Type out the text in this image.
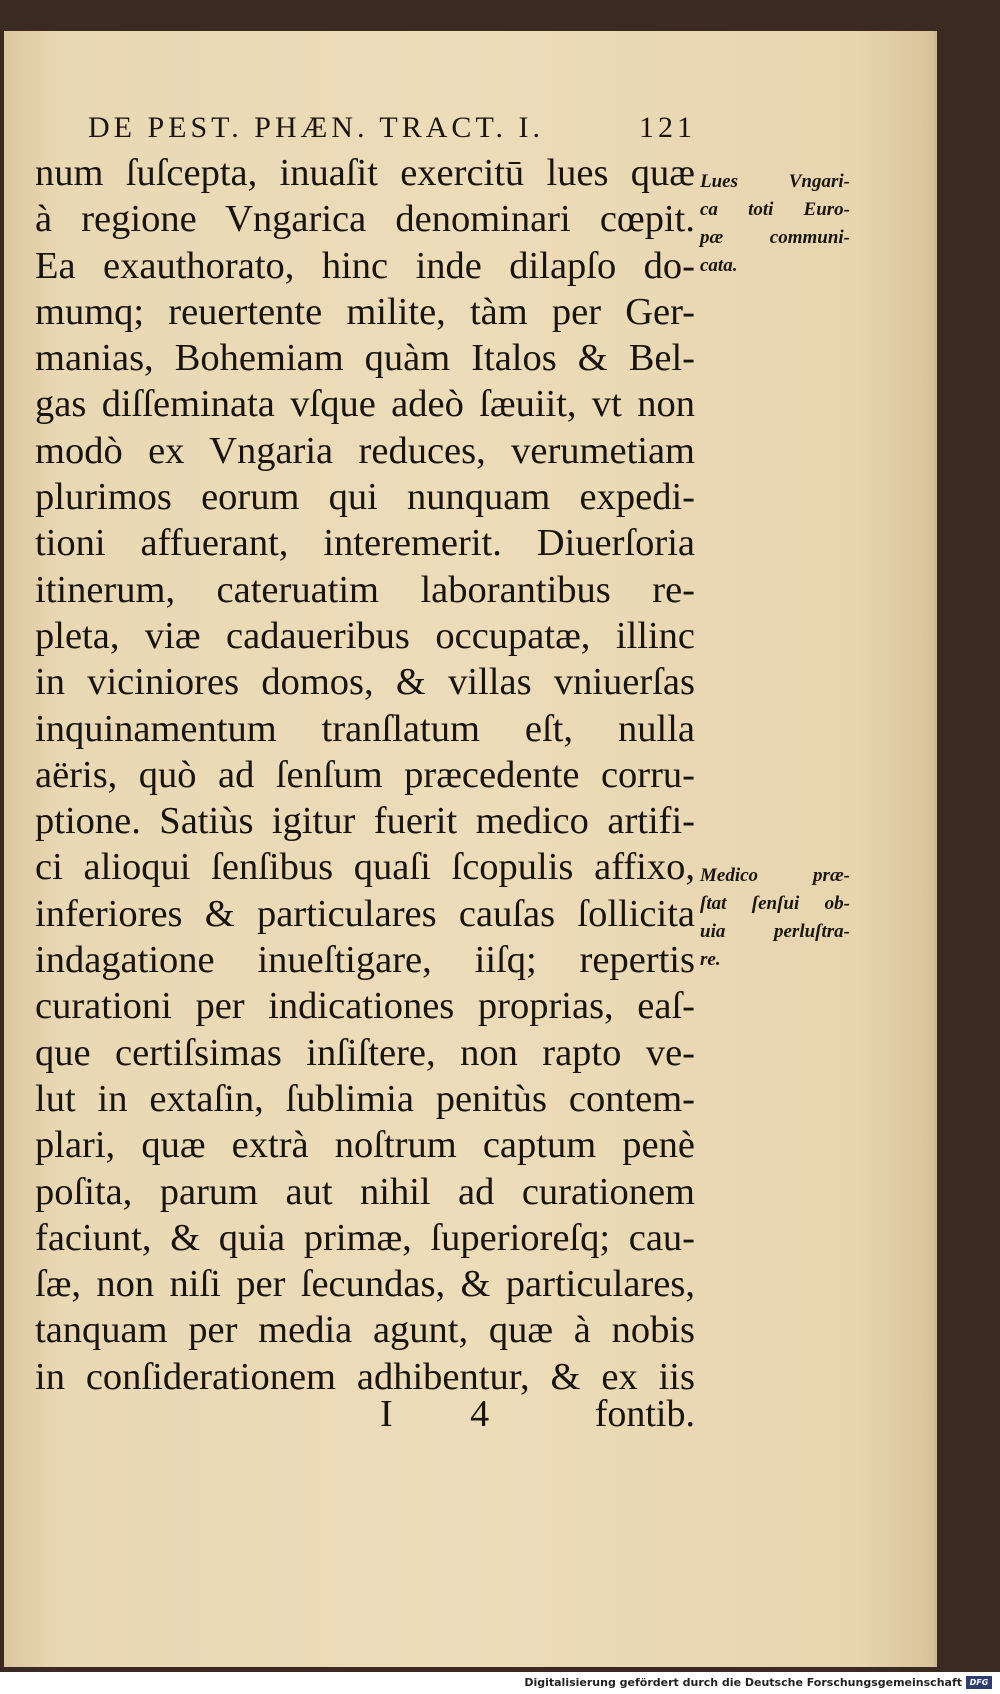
DE PEST. PHÆN. TRACT. I.	121
num ſuſcepta, inuaſit exercitū lues quæ
à regione Vngarica denominari cœpit.
Ea exauthorato, hinc inde dilapſo do-
mumq; reuertente milite, tàm per Ger-
manias, Bohemiam quàm Italos & Bel-
gas diſſeminata vſque adeò ſæuiit, vt non
modò ex Vngaria reduces, verumetiam
plurimos eorum qui nunquam expedi-
tioni affuerant, interemerit. Diuerſoria
itinerum, cateruatim laborantibus re-
pleta, viæ cadaueribus occupatæ, illinc
in viciniores domos, & villas vniuerſas
inquinamentum tranſlatum eſt, nulla
aëris, quò ad ſenſum præcedente corru-
ptione. Satiùs igitur fuerit medico artifi-
ci alioqui ſenſibus quaſi ſcopulis affixo,
inferiores & particulares cauſas ſollicita
indagatione inueſtigare, iiſq; repertis
curationi per indicationes proprias, eaſ-
que certiſsimas inſiſtere, non rapto ve-
lut in extaſin, ſublimia penitùs contem-
plari, quæ extrà noſtrum captum penè
poſita, parum aut nihil ad curationem
faciunt, & quia primæ, ſuperioreſq; cau-
ſæ, non niſi per ſecundas, & particulares,
tanquam per media agunt, quæ à nobis
in conſiderationem adhibentur, & ex iis
I 4 fontib.
Lues Vngari-
ca toti Euro-
pæ communi-
cata.
Medico præ-
ſtat ſenſui ob-
uia perluſtra-
re.
Digitalisierung gefördert durch die Deutsche Forschungsgemeinschaft DFG
